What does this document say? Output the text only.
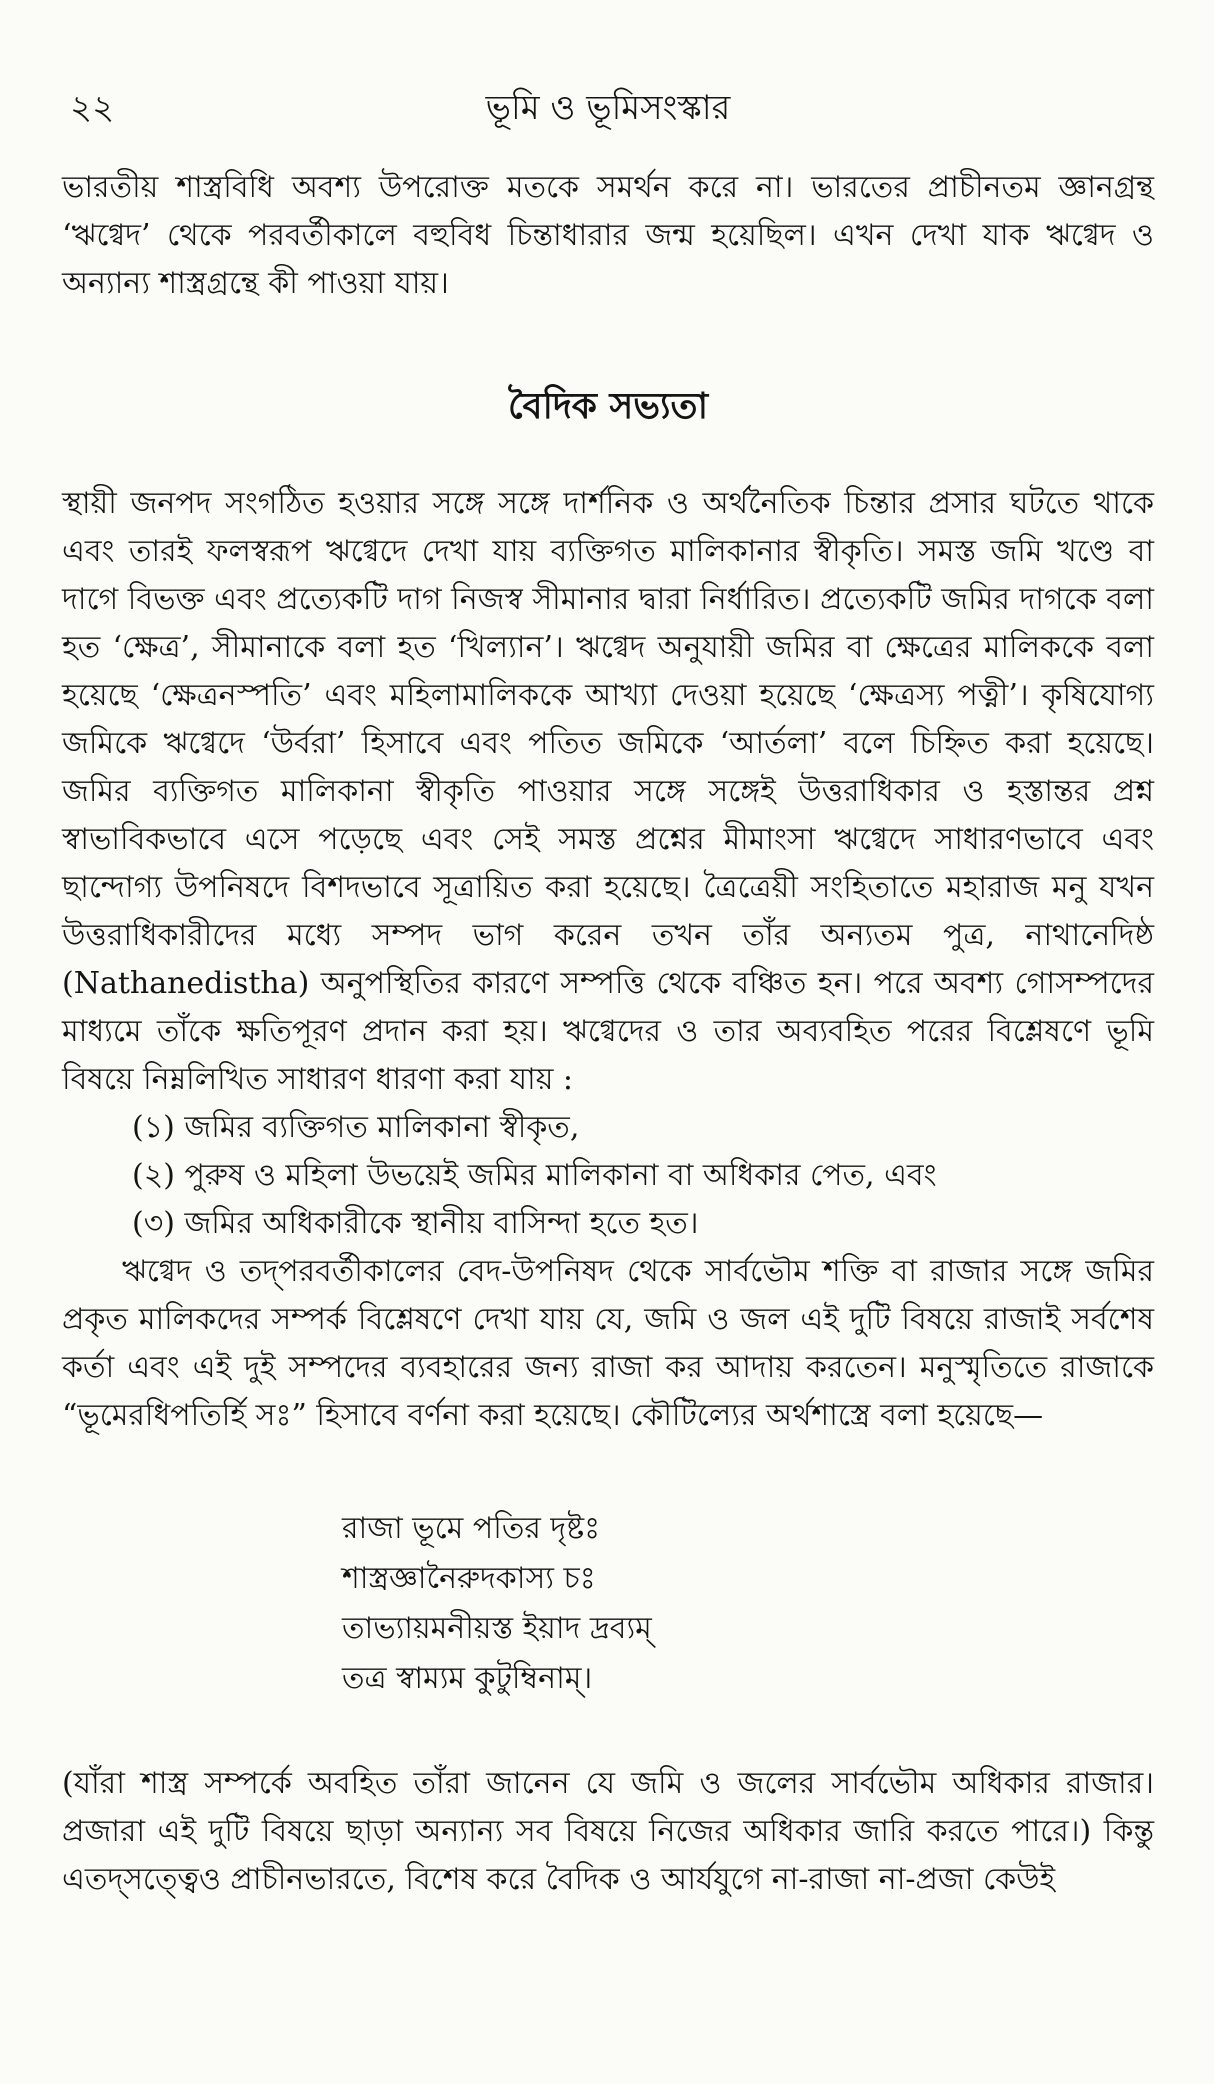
২২	ভূমি ও ভূমিসংস্কার

ভারতীয় শাস্ত্রবিধি অবশ্য উপরোক্ত মতকে সমর্থন করে না। ভারতের প্রাচীনতম জ্ঞানগ্রন্থ ‘ঋগ্বেদ’ থেকে পরবর্তীকালে বহুবিধ চিন্তাধারার জন্ম হয়েছিল। এখন দেখা যাক ঋগ্বেদ ও অন্যান্য শাস্ত্রগ্রন্থে কী পাওয়া যায়।

বৈদিক সভ্যতা

স্থায়ী জনপদ সংগঠিত হওয়ার সঙ্গে সঙ্গে দার্শনিক ও অর্থনৈতিক চিন্তার প্রসার ঘটতে থাকে এবং তারই ফলস্বরূপ ঋগ্বেদে দেখা যায় ব্যক্তিগত মালিকানার স্বীকৃতি। সমস্ত জমি খণ্ডে বা দাগে বিভক্ত এবং প্রত্যেকটি দাগ নিজস্ব সীমানার দ্বারা নির্ধারিত। প্রত্যেকটি জমির দাগকে বলা হত ‘ক্ষেত্র’, সীমানাকে বলা হত ‘খিল্যান’। ঋগ্বেদ অনুযায়ী জমির বা ক্ষেত্রের মালিককে বলা হয়েছে ‘ক্ষেত্রনস্পতি’ এবং মহিলামালিককে আখ্যা দেওয়া হয়েছে ‘ক্ষেত্রস্য পত্নী’। কৃষিযোগ্য জমিকে ঋগ্বেদে ‘উর্বরা’ হিসাবে এবং পতিত জমিকে ‘আর্তলা’ বলে চিহ্নিত করা হয়েছে। জমির ব্যক্তিগত মালিকানা স্বীকৃতি পাওয়ার সঙ্গে সঙ্গেই উত্তরাধিকার ও হস্তান্তর প্রশ্ন স্বাভাবিকভাবে এসে পড়েছে এবং সেই সমস্ত প্রশ্নের মীমাংসা ঋগ্বেদে সাধারণভাবে এবং ছান্দোগ্য উপনিষদে বিশদভাবে সূত্রায়িত করা হয়েছে। ত্রৈত্রেয়ী সংহিতাতে মহারাজ মনু যখন উত্তরাধিকারীদের মধ্যে সম্পদ ভাগ করেন তখন তাঁর অন্যতম পুত্র, নাথানেদিষ্ঠ (Nathanedistha) অনুপস্থিতির কারণে সম্পত্তি থেকে বঞ্চিত হন। পরে অবশ্য গোসম্পদের মাধ্যমে তাঁকে ক্ষতিপূরণ প্রদান করা হয়। ঋগ্বেদের ও তার অব্যবহিত পরের বিশ্লেষণে ভূমি বিষয়ে নিম্নলিখিত সাধারণ ধারণা করা যায় :

(১) জমির ব্যক্তিগত মালিকানা স্বীকৃত,
(২) পুরুষ ও মহিলা উভয়েই জমির মালিকানা বা অধিকার পেত, এবং
(৩) জমির অধিকারীকে স্থানীয় বাসিন্দা হতে হত।

ঋগ্বেদ ও তদ্‌পরবর্তীকালের বেদ-উপনিষদ থেকে সার্বভৌম শক্তি বা রাজার সঙ্গে জমির প্রকৃত মালিকদের সম্পর্ক বিশ্লেষণে দেখা যায় যে, জমি ও জল এই দুটি বিষয়ে রাজাই সর্বশেষ কর্তা এবং এই দুই সম্পদের ব্যবহারের জন্য রাজা কর আদায় করতেন। মনুস্মৃতিতে রাজাকে “ভূমেরধিপতির্হি সঃ” হিসাবে বর্ণনা করা হয়েছে। কৌটিল্যের অর্থশাস্ত্রে বলা হয়েছে—

রাজা ভূমে পতির দৃষ্টঃ
শাস্ত্রজ্ঞানৈরুদকাস্য চঃ
তাভ্যায়মনীয়স্ত ইয়াদ দ্রব্যম্
তত্র স্বাম্যম কুটুম্বিনাম্।

(যাঁরা শাস্ত্র সম্পর্কে অবহিত তাঁরা জানেন যে জমি ও জলের সার্বভৌম অধিকার রাজার। প্রজারা এই দুটি বিষয়ে ছাড়া অন্যান্য সব বিষয়ে নিজের অধিকার জারি করতে পারে।) কিন্তু এতদ্‌সত্ত্বেও প্রাচীনভারতে, বিশেষ করে বৈদিক ও আর্যযুগে না-রাজা না-প্রজা কেউই
